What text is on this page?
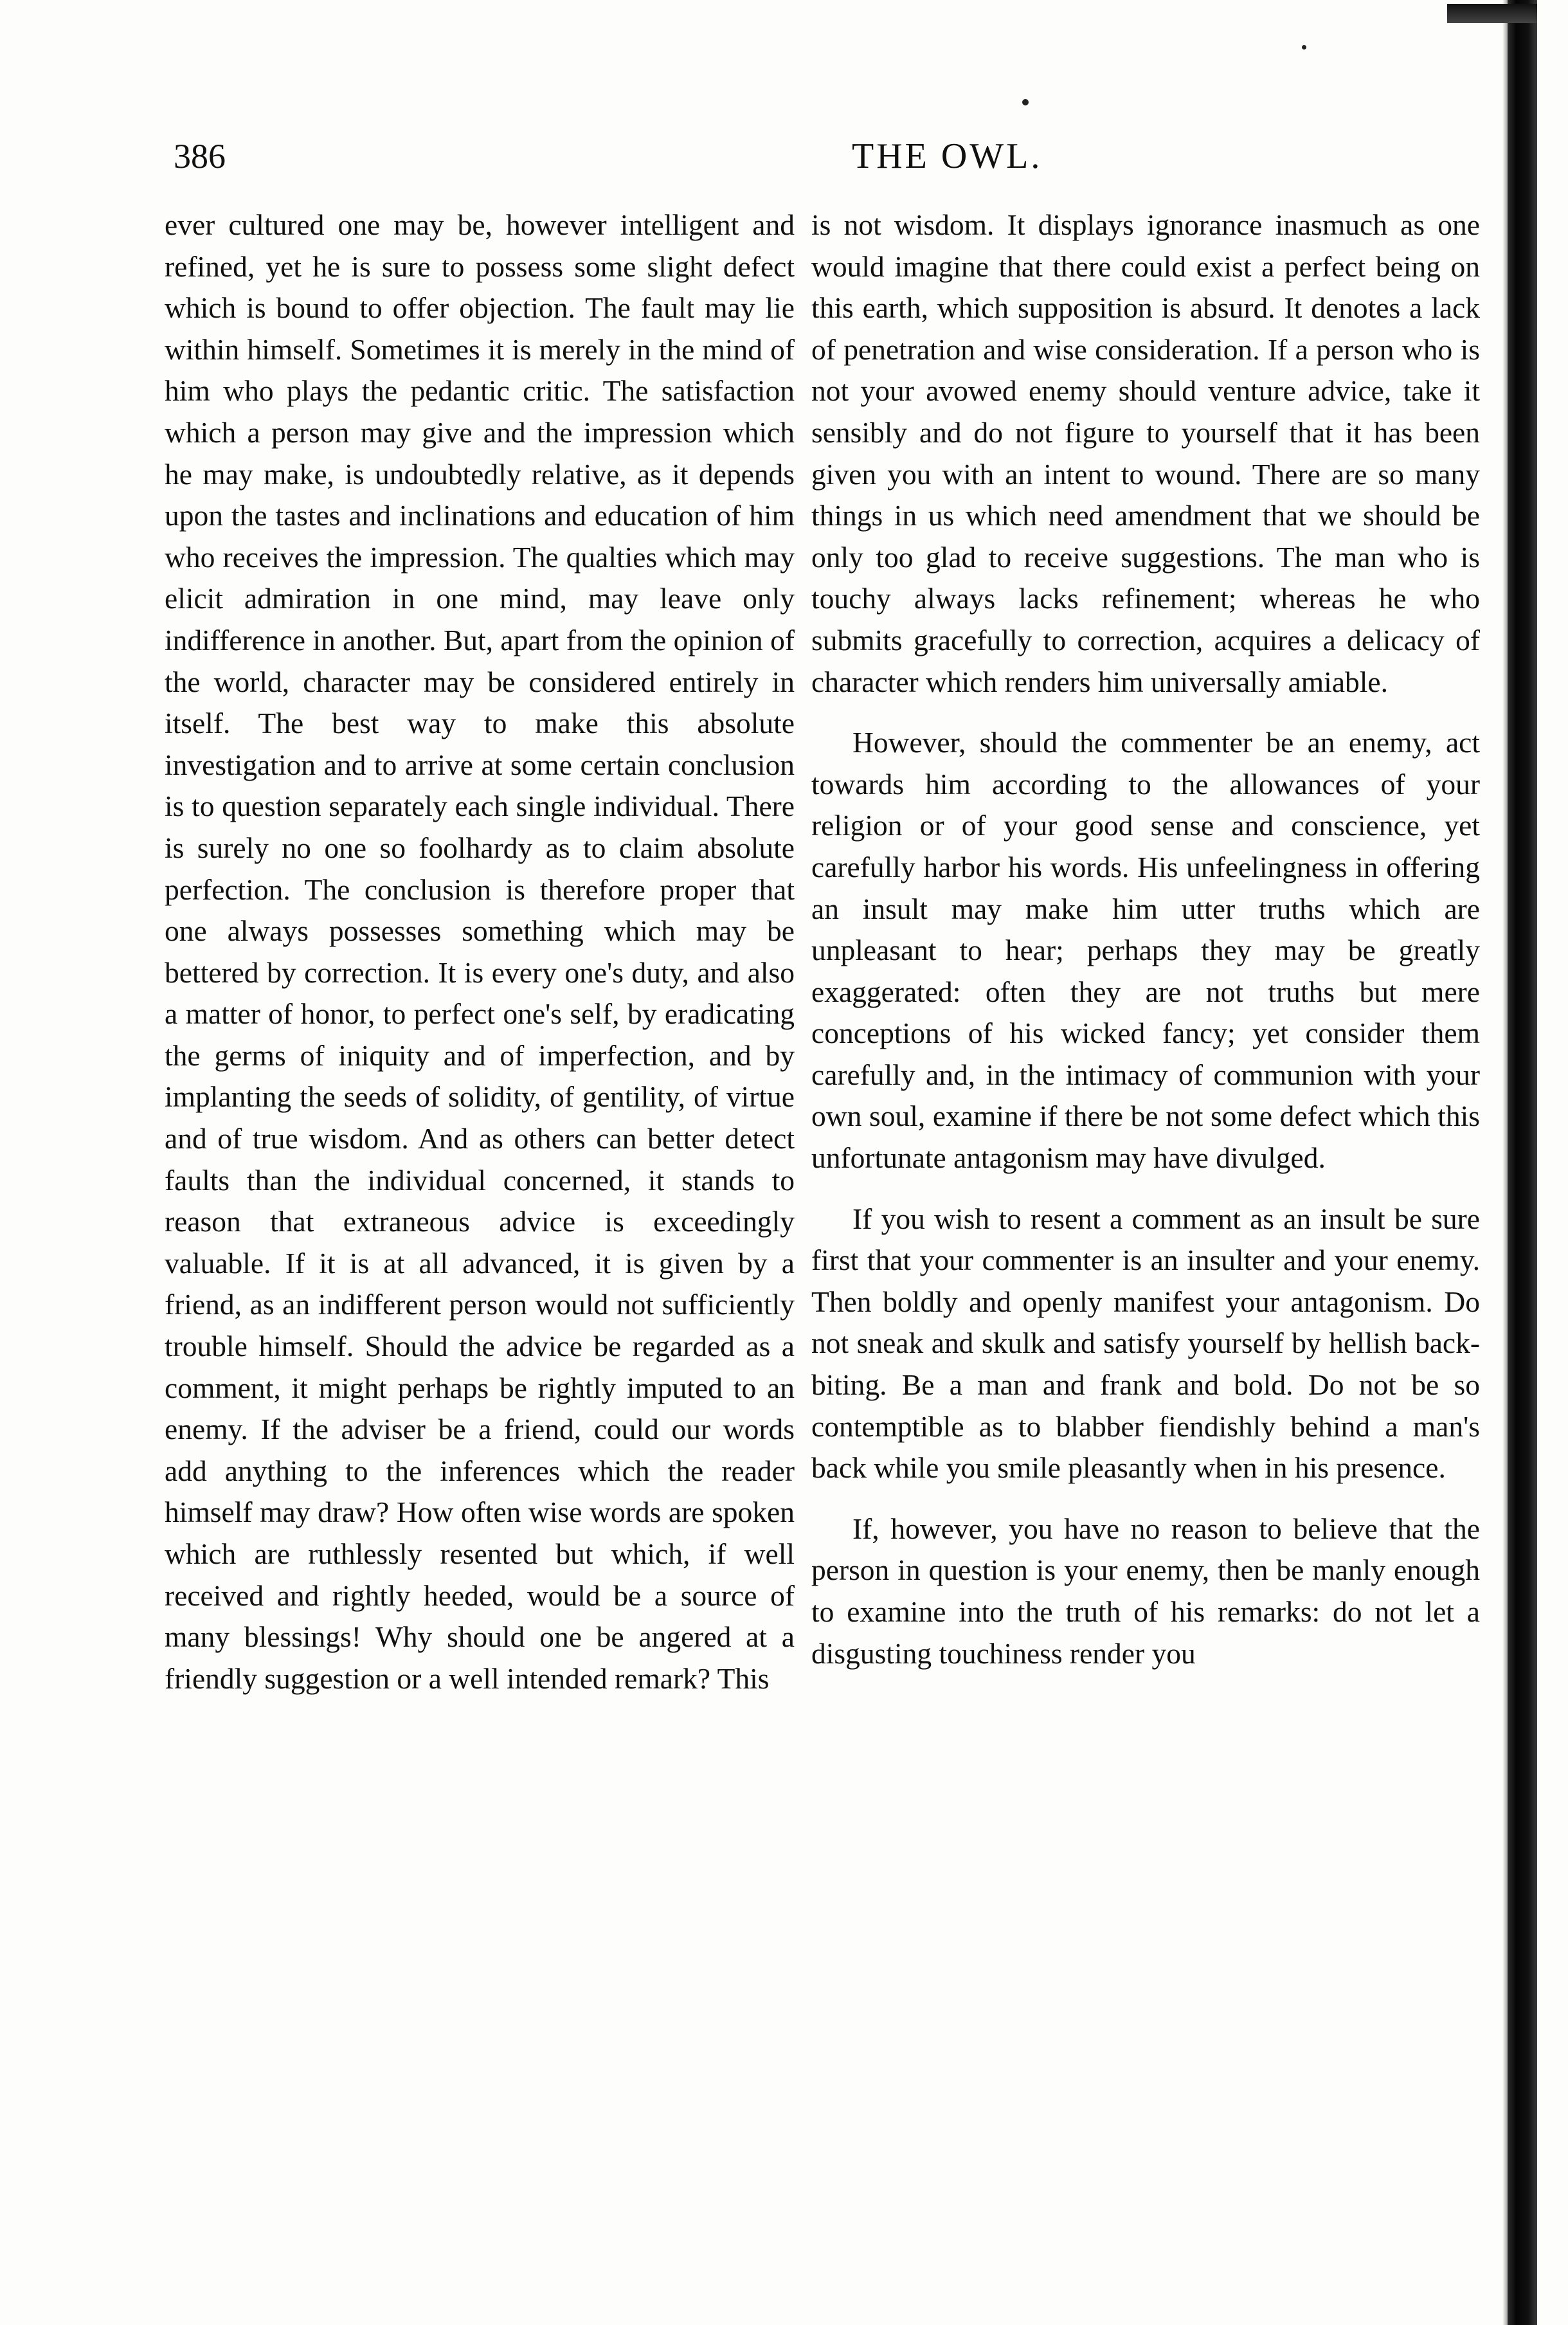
386	THE OWL.

ever cultured one may be, however intelligent and refined, yet he is sure to possess some slight defect which is bound to offer objection. The fault may lie within himself. Sometimes it is merely in the mind of him who plays the pedantic critic. The satisfaction which a person may give and the impression which he may make, is undoubtedly relative, as it depends upon the tastes and inclinations and education of him who receives the impression. The qualties which may elicit admiration in one mind, may leave only indifference in another. But, apart from the opinion of the world, character may be considered entirely in itself. The best way to make this absolute investigation and to arrive at some certain conclusion is to question separately each single individual. There is surely no one so foolhardy as to claim absolute perfection. The conclusion is therefore proper that one always possesses something which may be bettered by correction. It is every one's duty, and also a matter of honor, to perfect one's self, by eradicating the germs of iniquity and of imperfection, and by implanting the seeds of solidity, of gentility, of virtue and of true wisdom. And as others can better detect faults than the individual concerned, it stands to reason that extraneous advice is exceedingly valuable. If it is at all advanced, it is given by a friend, as an indifferent person would not sufficiently trouble himself. Should the advice be regarded as a comment, it might perhaps be rightly imputed to an enemy. If the adviser be a friend, could our words add anything to the inferences which the reader himself may draw? How often wise words are spoken which are ruthlessly resented but which, if well received and rightly heeded, would be a source of many blessings! Why should one be angered at a friendly suggestion or a well intended remark? This

is not wisdom. It displays ignorance inasmuch as one would imagine that there could exist a perfect being on this earth, which supposition is absurd. It denotes a lack of penetration and wise consideration. If a person who is not your avowed enemy should venture advice, take it sensibly and do not figure to yourself that it has been given you with an intent to wound. There are so many things in us which need amendment that we should be only too glad to receive suggestions. The man who is touchy always lacks refinement; whereas he who submits gracefully to correction, acquires a delicacy of character which renders him universally amiable.

However, should the commenter be an enemy, act towards him according to the allowances of your religion or of your good sense and conscience, yet carefully harbor his words. His unfeelingness in offering an insult may make him utter truths which are unpleasant to hear; perhaps they may be greatly exaggerated: often they are not truths but mere conceptions of his wicked fancy; yet consider them carefully and, in the intimacy of communion with your own soul, examine if there be not some defect which this unfortunate antagonism may have divulged.

If you wish to resent a comment as an insult be sure first that your commenter is an insulter and your enemy. Then boldly and openly manifest your antagonism. Do not sneak and skulk and satisfy yourself by hellish back-biting. Be a man and frank and bold. Do not be so contemptible as to blabber fiendishly behind a man's back while you smile pleasantly when in his presence.

If, however, you have no reason to believe that the person in question is your enemy, then be manly enough to examine into the truth of his remarks: do not let a disgusting touchiness render you
